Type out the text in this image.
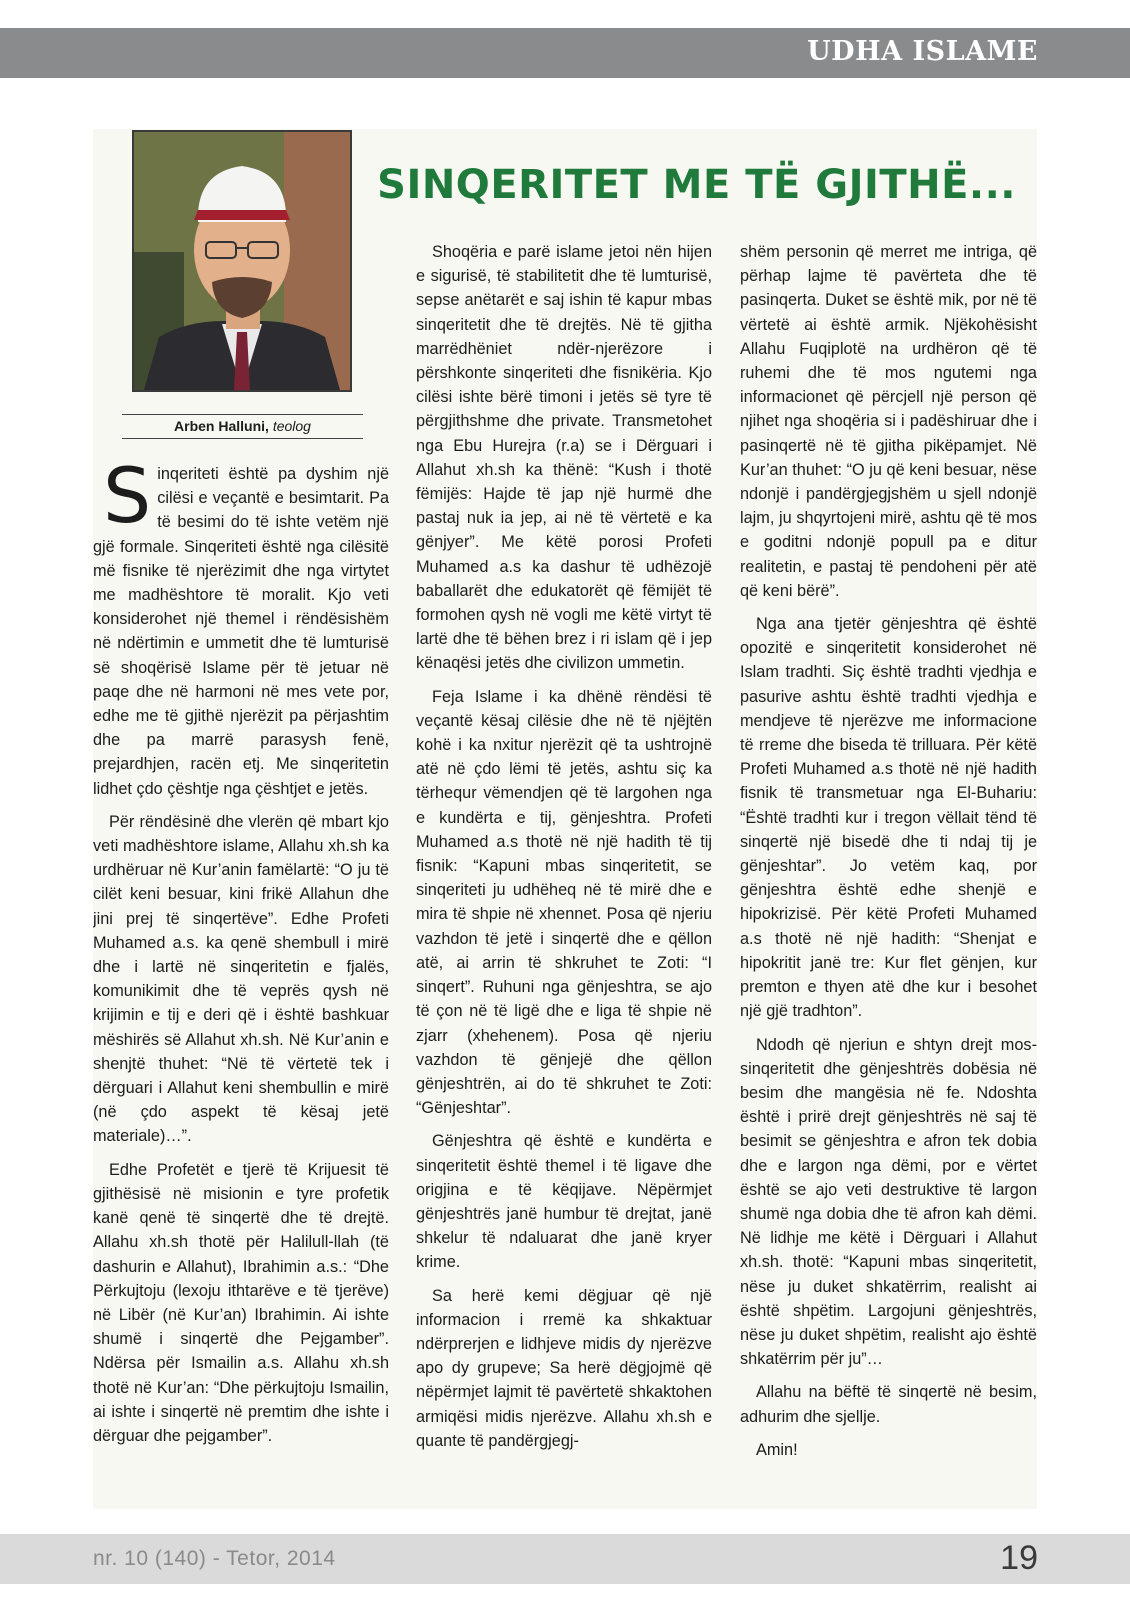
UDHA ISLAME
Arben Halluni, teolog
SINQERITET ME TË GJITHË...

Sinqeriteti është pa dyshim një cilësi e veçantë e besimtarit. Pa të besimi do të ishte vetëm një gjë formale. Sinqeriteti është nga cilësitë më fisnike të njerëzimit dhe nga virtytet me madhështore të moralit. Kjo veti konsiderohet një themel i rëndësishëm në ndërtimin e ummetit dhe të lumturisë së shoqërisë Islame për të jetuar në paqe dhe në harmoni në mes vete por, edhe me të gjithë njerëzit pa përjashtim dhe pa marrë parasysh fenë, prejardhjen, racën etj. Me sinqeritetin lidhet çdo çështje nga çështjet e jetës.

Për rëndësinë dhe vlerën që mbart kjo veti madhështore islame, Allahu xh.sh ka urdhëruar në Kur’anin famëlartë: “O ju të cilët keni besuar, kini frikë Allahun dhe jini prej të sinqertëve”. Edhe Profeti Muhamed a.s. ka qenë shembull i mirë dhe i lartë në sinqeritetin e fjalës, komunikimit dhe të veprës qysh në krijimin e tij e deri që i është bashkuar mëshirës së Allahut xh.sh. Në Kur’anin e shenjtë thuhet: “Në të vërtetë tek i dërguari i Allahut keni shembullin e mirë (në çdo aspekt të kësaj jetë materiale)…”.

Edhe Profetët e tjerë të Krijuesit të gjithësisë në misionin e tyre profetik kanë qenë të sinqertë dhe të drejtë. Allahu xh.sh thotë për Halilull-llah (të dashurin e Allahut), Ibrahimin a.s.: “Dhe Përkujtoju (lexoju ithtarëve e të tjerëve) në Libër (në Kur’an) Ibrahimin. Ai ishte shumë i sinqertë dhe Pejgamber”. Ndërsa për Ismailin a.s. Allahu xh.sh thotë në Kur’an: “Dhe përkujtoju Ismailin, ai ishte i sinqertë në premtim dhe ishte i dërguar dhe pejgamber”.

Shoqëria e parë islame jetoi nën hijen e sigurisë, të stabilitetit dhe të lumturisë, sepse anëtarët e saj ishin të kapur mbas sinqeritetit dhe të drejtës. Në të gjitha marrëdhëniet ndër-njerëzore i përshkonte sinqeriteti dhe fisnikëria. Kjo cilësi ishte bërë timoni i jetës së tyre të përgjithshme dhe private. Transmetohet nga Ebu Hurejra (r.a) se i Dërguari i Allahut xh.sh ka thënë: “Kush i thotë fëmijës: Hajde të jap një hurmë dhe pastaj nuk ia jep, ai në të vërtetë e ka gënjyer”. Me këtë porosi Profeti Muhamed a.s ka dashur të udhëzojë baballarët dhe edukatorët që fëmijët të formohen qysh në vogli me këtë virtyt të lartë dhe të bëhen brez i ri islam që i jep kënaqësi jetës dhe civilizon ummetin.

Feja Islame i ka dhënë rëndësi të veçantë kësaj cilësie dhe në të njëjtën kohë i ka nxitur njerëzit që ta ushtrojnë atë në çdo lëmi të jetës, ashtu siç ka tërhequr vëmendjen që të largohen nga e kundërta e tij, gënjeshtra. Profeti Muhamed a.s thotë në një hadith të tij fisnik: “Kapuni mbas sinqeritetit, se sinqeriteti ju udhëheq në të mirë dhe e mira të shpie në xhennet. Posa që njeriu vazhdon të jetë i sinqertë dhe e qëllon atë, ai arrin të shkruhet te Zoti: “I sinqert”. Ruhuni nga gënjeshtra, se ajo të çon në të ligë dhe e liga të shpie në zjarr (xhehenem). Posa që njeriu vazhdon të gënjejë dhe qëllon gënjeshtrën, ai do të shkruhet te Zoti: “Gënjeshtar”.

Gënjeshtra që është e kundërta e sinqeritetit është themel i të ligave dhe origjina e të këqijave. Nëpërmjet gënjeshtrës janë humbur të drejtat, janë shkelur të ndaluarat dhe janë kryer krime.

Sa herë kemi dëgjuar që një informacion i rremë ka shkaktuar ndërprerjen e lidhjeve midis dy njerëzve apo dy grupeve; Sa herë dëgjojmë që nëpërmjet lajmit të pavërtetë shkaktohen armiqësi midis njerëzve. Allahu xh.sh e quante të pandërgjegj-

shëm personin që merret me intriga, që përhap lajme të pavërteta dhe të pasinqerta. Duket se është mik, por në të vërtetë ai është armik. Njëkohësisht Allahu Fuqiplotë na urdhëron që të ruhemi dhe të mos ngutemi nga informacionet që përcjell një person që njihet nga shoqëria si i padëshiruar dhe i pasinqertë në të gjitha pikëpamjet. Në Kur’an thuhet: “O ju që keni besuar, nëse ndonjë i pandërgjegjshëm u sjell ndonjë lajm, ju shqyrtojeni mirë, ashtu që të mos e goditni ndonjë popull pa e ditur realitetin, e pastaj të pendoheni për atë që keni bërë”.

Nga ana tjetër gënjeshtra që është opozitë e sinqeritetit konsiderohet në Islam tradhti. Siç është tradhti vjedhja e pasurive ashtu është tradhti vjedhja e mendjeve të njerëzve me informacione të rreme dhe biseda të trilluara. Për këtë Profeti Muhamed a.s thotë në një hadith fisnik të transmetuar nga El-Buhariu: “Është tradhti kur i tregon vëllait tënd të sinqertë një bisedë dhe ti ndaj tij je gënjeshtar”. Jo vetëm kaq, por gënjeshtra është edhe shenjë e hipokrizisë. Për këtë Profeti Muhamed a.s thotë në një hadith: “Shenjat e hipokritit janë tre: Kur flet gënjen, kur premton e thyen atë dhe kur i besohet një gjë tradhton”.

Ndodh që njeriun e shtyn drejt mos-sinqeritetit dhe gënjeshtrës dobësia në besim dhe mangësia në fe. Ndoshta është i prirë drejt gënjeshtrës në saj të besimit se gënjeshtra e afron tek dobia dhe e largon nga dëmi, por e vërtet është se ajo veti destruktive të largon shumë nga dobia dhe të afron kah dëmi. Në lidhje me këtë i Dërguari i Allahut xh.sh. thotë: “Kapuni mbas sinqeritetit, nëse ju duket shkatërrim, realisht ai është shpëtim. Largojuni gënjeshtrës, nëse ju duket shpëtim, realisht ajo është shkatërrim për ju”…

Allahu na bëftë të sinqertë në besim, adhurim dhe sjellje.

Amin!

nr. 10 (140) - Tetor, 2014	19
